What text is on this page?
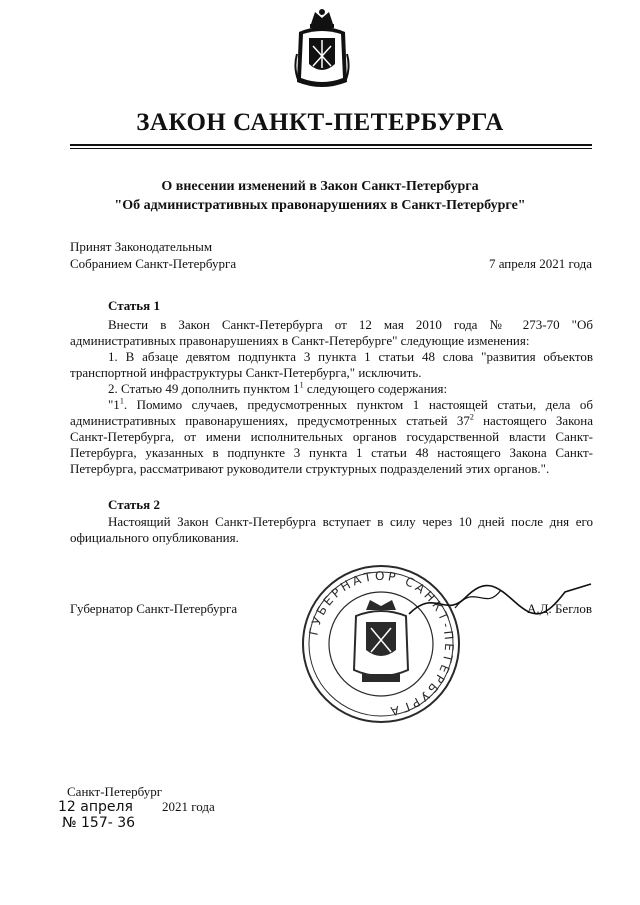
ЗАКОН САНКТ-ПЕТЕРБУРГА
О внесении изменений в Закон Санкт-Петербурга
"Об административных правонарушениях в Санкт-Петербурге"
Принят Законодательным
Собранием Санкт-Петербурга	7 апреля 2021 года
Статья 1
Внести в Закон Санкт-Петербурга от 12 мая 2010 года № 273-70 "Об административных правонарушениях в Санкт-Петербурге" следующие изменения:
1. В абзаце девятом подпункта 3 пункта 1 статьи 48 слова "развития объектов транспортной инфраструктуры Санкт-Петербурга," исключить.
2. Статью 49 дополнить пунктом $1^1$ следующего содержания:
"$1^1$. Помимо случаев, предусмотренных пунктом 1 настоящей статьи, дела об административных правонарушениях, предусмотренных статьей $37^2$ настоящего Закона Санкт-Петербурга, от имени исполнительных органов государственной власти Санкт-Петербурга, указанных в подпункте 3 пункта 1 статьи 48 настоящего Закона Санкт-Петербурга, рассматривают руководители структурных подразделений этих органов.".
Статья 2
Настоящий Закон Санкт-Петербурга вступает в силу через 10 дней после дня его официального опубликования.
Губернатор Санкт-Петербурга	А.Д. Беглов
ГУБЕРНАТОР САНКТ-ПЕТЕРБУРГА
Санкт-Петербург
12 апреля 2021 года
№ 157- 36
